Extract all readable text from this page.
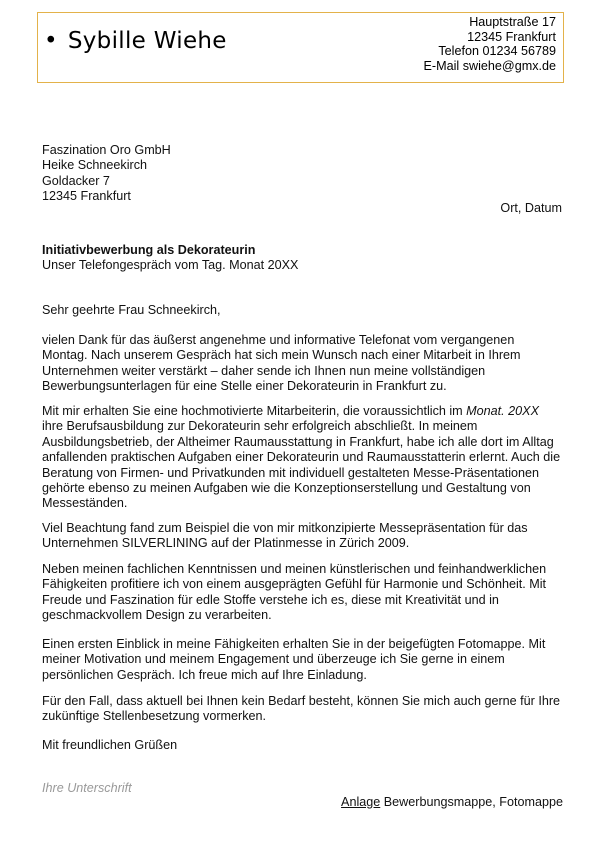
• Sybille Wiehe
Hauptstraße 17
12345 Frankfurt
Telefon 01234 56789
E-Mail swiehe@gmx.de
Faszination Oro GmbH
Heike Schneekirch
Goldacker 7
12345 Frankfurt
Ort, Datum
Initiativbewerbung als Dekorateurin
Unser Telefongespräch vom Tag. Monat 20XX
Sehr geehrte Frau Schneekirch,
vielen Dank für das äußerst angenehme und informative Telefonat vom vergangenen Montag. Nach unserem Gespräch hat sich mein Wunsch nach einer Mitarbeit in Ihrem Unternehmen weiter verstärkt – daher sende ich Ihnen nun meine vollständigen Bewerbungsunterlagen für eine Stelle einer Dekorateurin in Frankfurt zu.
Mit mir erhalten Sie eine hochmotivierte Mitarbeiterin, die voraussichtlich im Monat. 20XX ihre Berufsausbildung zur Dekorateurin sehr erfolgreich abschließt. In meinem Ausbildungsbetrieb, der Altheimer Raumausstattung in Frankfurt, habe ich alle dort im Alltag anfallenden praktischen Aufgaben einer Dekorateurin und Raumausstatterin erlernt. Auch die Beratung von Firmen- und Privatkunden mit individuell gestalteten Messe-Präsentationen gehörte ebenso zu meinen Aufgaben wie die Konzeptionserstellung und Gestaltung von Messeständen.
Viel Beachtung fand zum Beispiel die von mir mitkonzipierte Messepräsentation für das Unternehmen SILVERLINING auf der Platinmesse in Zürich 2009.
Neben meinen fachlichen Kenntnissen und meinen künstlerischen und feinhandwerklichen Fähigkeiten profitiere ich von einem ausgeprägten Gefühl für Harmonie und Schönheit. Mit Freude und Faszination für edle Stoffe verstehe ich es, diese mit Kreativität und in geschmackvollem Design zu verarbeiten.
Einen ersten Einblick in meine Fähigkeiten erhalten Sie in der beigefügten Fotomappe. Mit meiner Motivation und meinem Engagement und überzeuge ich Sie gerne in einem persönlichen Gespräch. Ich freue mich auf Ihre Einladung.
Für den Fall, dass aktuell bei Ihnen kein Bedarf besteht, können Sie mich auch gerne für Ihre zukünftige Stellenbesetzung vormerken.
Mit freundlichen Grüßen
Ihre Unterschrift
Anlage Bewerbungsmappe, Fotomappe
